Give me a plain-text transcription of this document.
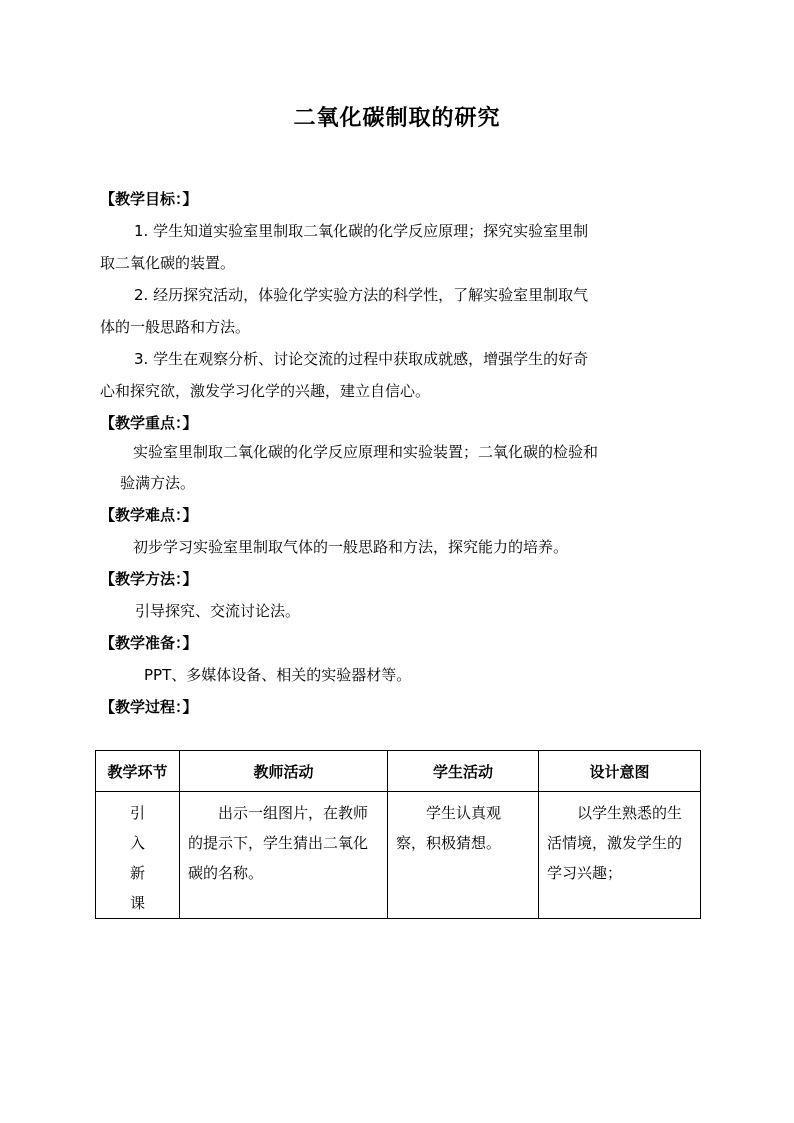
二氧化碳制取的研究
【教学目标：】
1. 学生知道实验室里制取二氧化碳的化学反应原理；探究实验室里制
取二氧化碳的装置。
2. 经历探究活动，体验化学实验方法的科学性，了解实验室里制取气
体的一般思路和方法。
3. 学生在观察分析、讨论交流的过程中获取成就感，增强学生的好奇
心和探究欲，激发学习化学的兴趣，建立自信心。
【教学重点：】
实验室里制取二氧化碳的化学反应原理和实验装置；二氧化碳的检验和
验满方法。
【教学难点：】
初步学习实验室里制取气体的一般思路和方法，探究能力的培养。
【教学方法：】
引导探究、交流讨论法。
【教学准备：】
PPT、多媒体设备、相关的实验器材等。
【教学过程：】
教学环节	教师活动	学生活动	设计意图

引
入
新
课	出示一组图片，在教师的提示下，学生猜出二氧化碳的名称。	学生认真观察，积极猜想。	以学生熟悉的生活情境，激发学生的学习兴趣；
